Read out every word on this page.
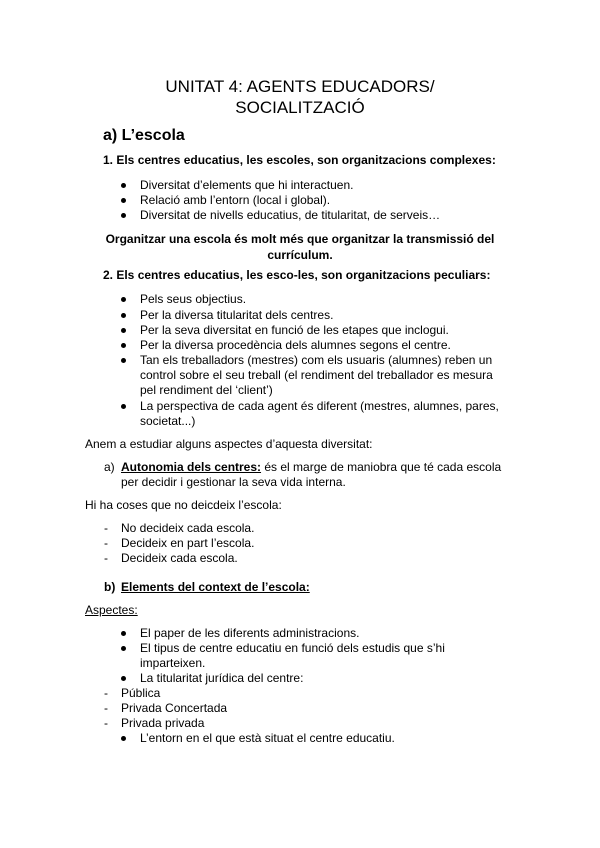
UNITAT 4: AGENTS EDUCADORS/
SOCIALITZACIÓ
a) L’escola
1. Els centres educatius, les escoles, son organitzacions complexes:
Diversitat d’elements que hi interactuen.
Relació amb l’entorn (local i global).
Diversitat de nivells educatius, de titularitat, de serveis…
Organitzar una escola és molt més que organitzar la transmissió del
currículum.
2. Els centres educatius, les esco-les, son organitzacions peculiars:
Pels seus objectius.
Per la diversa titularitat dels centres.
Per la seva diversitat en funció de les etapes que inclogui.
Per la diversa procedència dels alumnes segons el centre.
Tan els treballadors (mestres) com els usuaris (alumnes) reben un
control sobre el seu treball (el rendiment del treballador es mesura
pel rendiment del ‘client’)
La perspectiva de cada agent és diferent (mestres, alumnes, pares,
societat...)
Anem a estudiar alguns aspectes d’aquesta diversitat:
a) Autonomia dels centres: és el marge de maniobra que té cada escola
per decidir i gestionar la seva vida interna.
Hi ha coses que no deicdeix l’escola:
- No decideix cada escola.
- Decideix en part l’escola.
- Decideix cada escola.
b) Elements del context de l’escola:
Aspectes:
El paper de les diferents administracions.
El tipus de centre educatiu en funció dels estudis que s’hi
imparteixen.
La titularitat jurídica del centre:
- Pública
- Privada Concertada
- Privada privada
L’entorn en el que està situat el centre educatiu.
